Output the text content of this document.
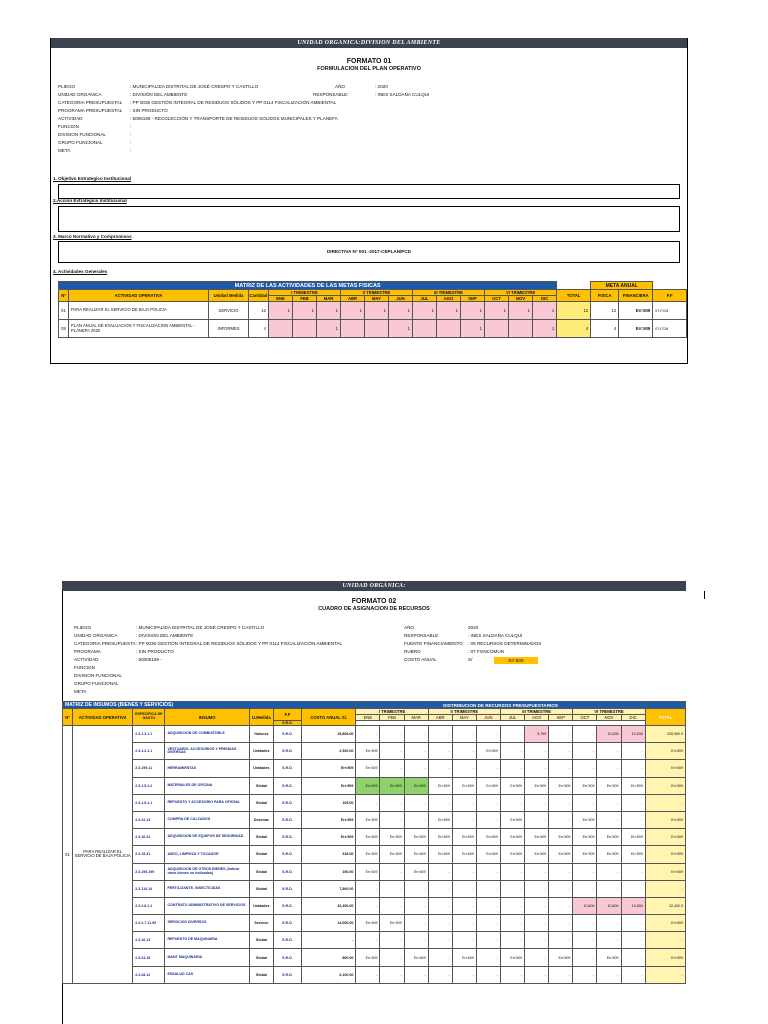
UNIDAD ORGANICA:DIVISION DEL AMBIENTE
FORMATO 01
FORMULACION DEL PLAN OPERATIVO
PLIEGO	: MUNICIPALIDA DISTRITAL DE JOSÉ CRESPO Y CASTILLO
UNIDAD ORGANICA	: DIVISIÓN DEL AMBIENTE
CATEGORIA PRESUPUESTAL : PP 0036 GESTIÓN INTEGRAL DE RESIDUOS SÓLIDOS Y PP 0114 FISCALIZACIÓN AMBIENTAL
PROGRAMA PRESUPUESTAL : SIN PRODUCTO
ACTIVIDAD	: 5006159 - RECOLECCIÓN Y TRANSPORTE DE RESIDUOS SOLIDOS MUNICIPALES Y PLANEFA
FUNCION	:
DIVISION FUNCIONAL	:
GRUPO FUNCIONAL	:
META	:
AÑO	: 2020
RESPONSABLE:	: INES SALDAÑA CULQUI
1. Objetivo Estrategico Institucional
2.Accion Estrategico Institucional
3. Marco Normativo y Compromisos
DIRECTIVA N° 001 -2017-CEPLAN/PCD
4. Actividades Generales
MATRIZ DE LAS ACTIVIDADES DE LAS METAS FISICAS																	META ANUAL		
Nº	ACTIVIDAD OPERATIVA	Unidad Medida	Cantidad	I TRIMESTRE			II TRIMESTRE			III TRIMESTRE			VI TRIMESTRE			TOTAL	FISICA	FINANCIERA	F.F
				ENE	FEB	MAR	ABR	MAY	JUN	JUL	AGO	SEP	OCT	NOV	DIC				
01	PARA REALIZAR EL SERVICIO DE BAJA POLICIA	SERVICIO	12	1	1	1	1	1	1	1	1	1	1	1	1	12	12	Err:509	07-FCM
08	PLAN ANUAL DE EVALUACION Y FISCALIZACION AMBIENTAL - PLANEFA 2020	INFORMES	4			1			1			1			1	4	4	Err:509	07-FCM
UNIDAD ORGÁNICA:
FORMATO 02
CUADRO DE ASIGNACION DE RECURSOS
PLIEGO	: MUNICIPALIDA DISTRITAL DE JOSÉ CRESPO Y CASTILLO
UNIDAD ORGANICA	: DIVISION DEL AMBIENTE
CATEGORIA PRESUPUESTA : PP 0036 GESTIÓN INTEGRAL DE RESIDUOS SÓLIDOS Y PP 0114 FISCALIZACIÓN AMBIENTAL
PROGRAMA	: SIN PRODUCTO
ACTIVIDAD	: 50006159 -
FUNCION
DIVISION FUNCIONAL
GRUPO FUNCIONAL
META
AÑO	2020
RESPONSABLE:	: INES SALDAÑA CULQUI
FUENTE FINANCIAMIENTO : 05 RECURSOS DETERMINADOS
RUBRO	: 07 FONCOMUN
COSTO ANUAL	S/	Err:509
MATRIZ DE INSUMOS (BIENES Y SERVICIOS)							DISTRIBUCION DE RECURSOS PRESUPUESTARIOS												
Nº	ACTIVIDAD OPERATIVA	ESPECIFICA DE GASTO	INSUMO	U.Medida	F.F	COSTO ANUAL S/.	I TRIMESTRE			II TRIMESTRE			III TRIMESTRE			VI TRIMESTRE			TOTAL
							ENE	FEB	MAR	ABR	MAY	JUN	JUL	AGO	SEP	OCT	NOV	DIC	
					5-R.D.														
01	PARA REALIZAR EL SERVICIO DE BAJA POLICIA	2.3.1.3.1.1	ADQUISICION DE COMBUSTIBLE	Galones	5-R.D.	29,808.00	-	-	-	-	-	-	-	5,799	-	-	10,635	10,635	328,980.0
		2.3.1.2.1.1	VESTUARIO, ACCESORIOS Y PRENDAS DIVERSAS	Unidades	5-R.D.	2,520.00	Err:509	-	-	-	-	Err:509	-	-	-	-	-	-	Err:509
		2.3.199.11	HERRAMIENTAS	Unidades	5-R.D.	Err:509	Err:509	-	-	-	-	-	-	-	-	-	-	-	Err:509
		2.3.1.5.1.2	MATERIALES DE OFICINA	Global	5-R.D.	Err:509	Err:509	Err:509	Err:509	Err:509	Err:509	Err:509	Err:509	Err:509	Err:509	Err:509	Err:509	Err:509	Err:509
		2.3.1.5.1.1	REPUESTO Y ACCESORIO PARA OFICINA	Global	5-R.D.	105.00	-	-	-	-	-	-	-	-	-	-	-	-	-
		2.3.22.13	COMPRA DE CALZADOS	Docenas	5-R.D.	Err:509	Err:509	-	-	Err:509	-	-	Err:509	-	-	Err:509	-	-	Err:509
		2.3.16.24	ADQUISICION DE EQUIPOS DE SEGURIDAD	Global	5-R.D.	Err:509	Err:509	Err:509	Err:509	Err:509	Err:509	Err:509	Err:509	Err:509	Err:509	Err:509	Err:509	Err:509	Err:509
		2.3.15.31	ASEO, LIMPIEZA Y TOCADOR	Global	5-R.D.	318.00	Err:509	Err:509	Err:509	Err:509	Err:509	Err:509	Err:509	Err:509	Err:509	Err:509	Err:509	Err:509	Err:509
		2.3.199.199	ADQUISICION DE OTROS BIENES (indicar otros bienes no indicados)	Global	5-R.D.	150.00	Err:509	-	Err:509	-	-	-	-	-	-	-	-	-	Err:509
		2.3.110.14	FERTILIZANTE, INSECTICIDAS	Global	5-R.D.	7,800.00	-	-	-	-	-	-	-	-	-	-	-	-	-
		2.3.2.8.1.1	CONTRATO ADMINISTRATIVO DE SERVICIOS	Unidades	5-R.D.	32,400.00	-	-	-	-	-	-	-	-	-	10,800	10,800	10,800	32,400.0
		2.3.2.7.11.99	SERVICIOS DIVERSOS	Servicio	5-R.D.	14,000.00	Err:509	Err:509	-	-	-	-	-	-	-	-	-	-	Err:509
		2.3.16.13	REPUESTO DE MAQUINARIA	Global	5-R.D.	-	-	-	-	-	-	-	-	-	-	-	-	-	-
		2.3.24.15	MANT MAQUINARIA	Global	5-R.D.	800.00	Err:509	-	Err:509	-	Err:509	-	Err:509	-	Err:509	-	Err:509	-	Err:509
		2.3.28.12	ESSALUD CAS	Global	5-R.D.	6,100.00	-	-	-	-	-	-	-	-	-	-	-	-	-
